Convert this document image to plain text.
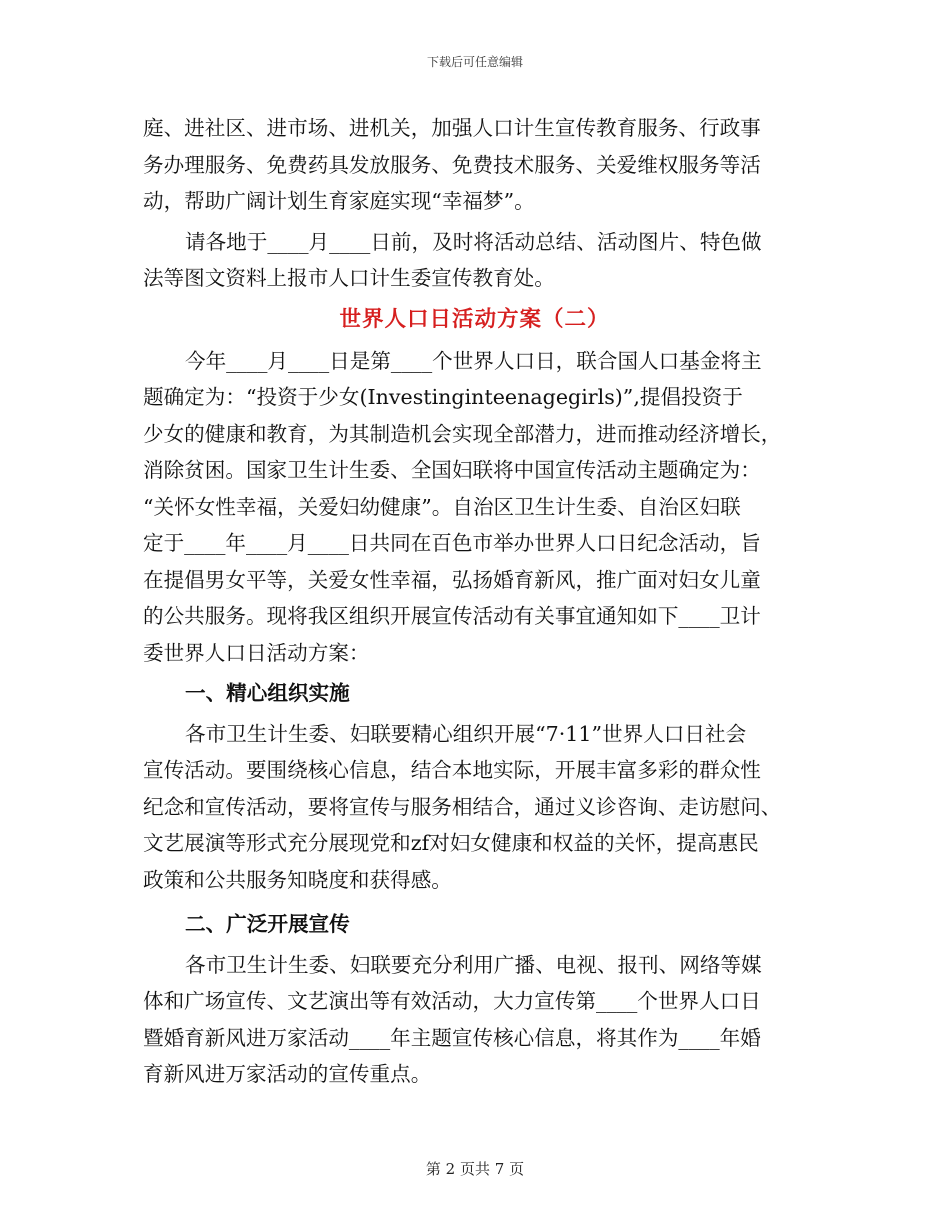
下载后可任意编辑
庭、进社区、进市场、进机关，加强人口计生宣传教育服务、行政事
务办理服务、免费药具发放服务、免费技术服务、关爱维权服务等活
动，帮助广阔计划生育家庭实现“幸福梦”。
请各地于____月____日前，及时将活动总结、活动图片、特色做
法等图文资料上报市人口计生委宣传教育处。
世界人口日活动方案（二）
今年____月____日是第____个世界人口日，联合国人口基金将主
题确定为：“投资于少女(Investinginteenagegirls)”,提倡投资于
少女的健康和教育，为其制造机会实现全部潜力，进而推动经济增长，
消除贫困。国家卫生计生委、全国妇联将中国宣传活动主题确定为：
“关怀女性幸福，关爱妇幼健康”。自治区卫生计生委、自治区妇联
定于____年____月____日共同在百色市举办世界人口日纪念活动，旨
在提倡男女平等，关爱女性幸福，弘扬婚育新风，推广面对妇女儿童
的公共服务。现将我区组织开展宣传活动有关事宜通知如下____卫计
委世界人口日活动方案：
一、精心组织实施
各市卫生计生委、妇联要精心组织开展“7·11”世界人口日社会
宣传活动。要围绕核心信息，结合本地实际，开展丰富多彩的群众性
纪念和宣传活动，要将宣传与服务相结合，通过义诊咨询、走访慰问、
文艺展演等形式充分展现党和zf对妇女健康和权益的关怀，提高惠民
政策和公共服务知晓度和获得感。
二、广泛开展宣传
各市卫生计生委、妇联要充分利用广播、电视、报刊、网络等媒
体和广场宣传、文艺演出等有效活动，大力宣传第____个世界人口日
暨婚育新风进万家活动____年主题宣传核心信息，将其作为____年婚
育新风进万家活动的宣传重点。
第 2 页共 7 页
